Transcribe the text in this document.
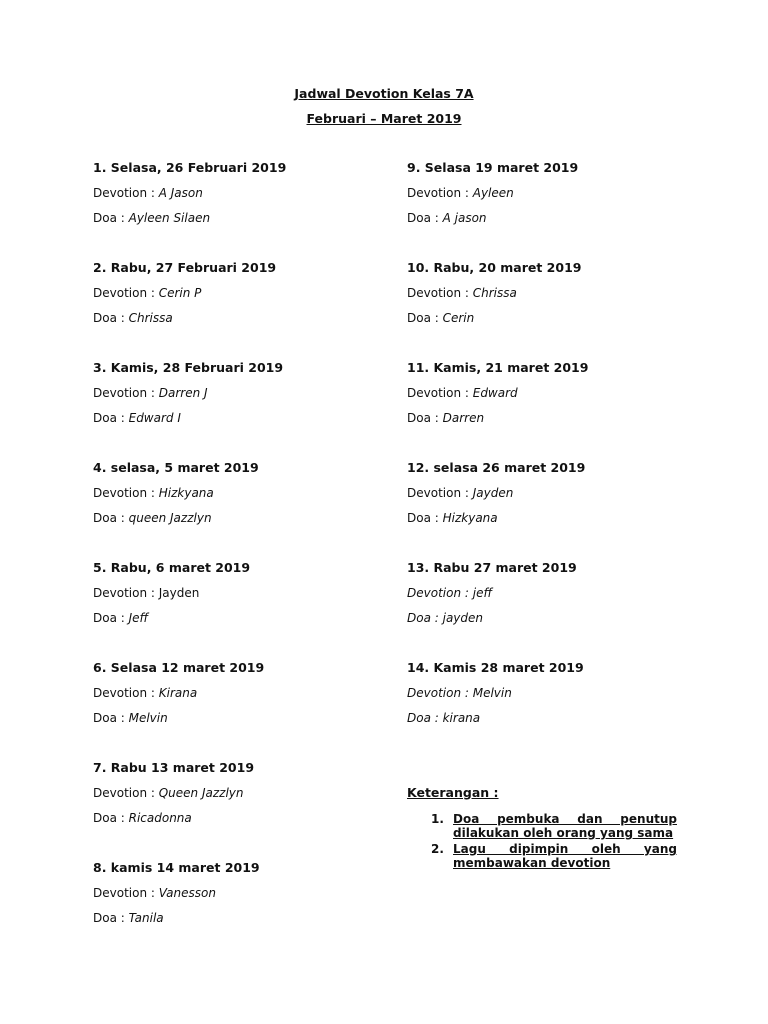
Jadwal Devotion Kelas 7A
Februari – Maret 2019

1. Selasa, 26 Februari 2019

Devotion : A Jason

Doa : Ayleen Silaen

2. Rabu, 27 Februari 2019

Devotion : Cerin P

Doa : Chrissa

3. Kamis, 28 Februari 2019

Devotion : Darren J

Doa : Edward I

4. selasa, 5 maret 2019

Devotion : Hizkyana

Doa : queen Jazzlyn

5. Rabu, 6 maret 2019

Devotion : Jayden

Doa : Jeff

6. Selasa 12 maret 2019

Devotion : Kirana

Doa : Melvin

7. Rabu 13 maret 2019

Devotion : Queen Jazzlyn

Doa : Ricadonna

8. kamis 14 maret 2019

Devotion : Vanesson

Doa : Tanila

9. Selasa 19 maret 2019

Devotion : Ayleen

Doa : A jason

10. Rabu, 20 maret 2019

Devotion : Chrissa

Doa : Cerin

11. Kamis, 21 maret 2019

Devotion : Edward

Doa : Darren

12. selasa 26 maret 2019

Devotion : Jayden

Doa : Hizkyana

13. Rabu 27 maret 2019

Devotion : jeff

Doa : jayden

14. Kamis 28 maret 2019

Devotion : Melvin

Doa : kirana

Keterangan :
1. Doa pembuka dan penutup dilakukan oleh orang yang sama
2. Lagu dipimpin oleh yang membawakan devotion
